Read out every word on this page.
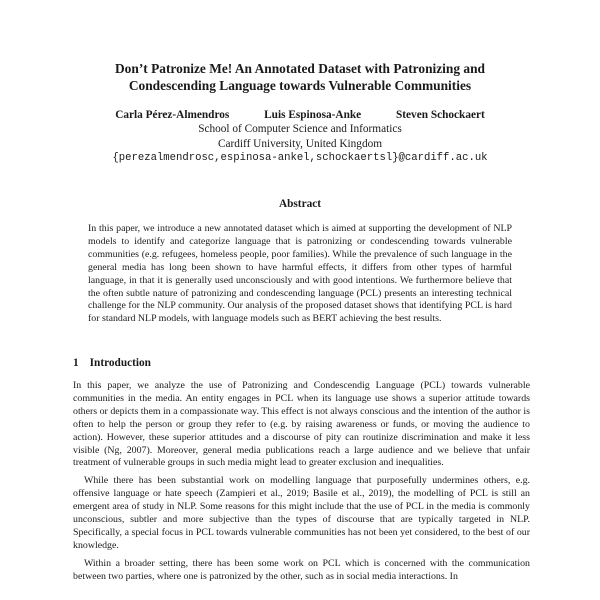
Don’t Patronize Me! An Annotated Dataset with Patronizing and
Condescending Language towards Vulnerable Communities
Carla Pérez-Almendros	Luis Espinosa-Anke	Steven Schockaert
School of Computer Science and Informatics
Cardiff University, United Kingdom
{perezalmendrosc,espinosa-ankel,schockaertsl}@cardiff.ac.uk
Abstract
In this paper, we introduce a new annotated dataset which is aimed at supporting the development of NLP models to identify and categorize language that is patronizing or condescending towards vulnerable communities (e.g. refugees, homeless people, poor families). While the prevalence of such language in the general media has long been shown to have harmful effects, it differs from other types of harmful language, in that it is generally used unconsciously and with good intentions. We furthermore believe that the often subtle nature of patronizing and condescending language (PCL) presents an interesting technical challenge for the NLP community. Our analysis of the proposed dataset shows that identifying PCL is hard for standard NLP models, with language models such as BERT achieving the best results.
1 Introduction

In this paper, we analyze the use of Patronizing and Condescendig Language (PCL) towards vulnerable communities in the media. An entity engages in PCL when its language use shows a superior attitude towards others or depicts them in a compassionate way. This effect is not always conscious and the intention of the author is often to help the person or group they refer to (e.g. by raising awareness or funds, or moving the audience to action). However, these superior attitudes and a discourse of pity can routinize discrimination and make it less visible (Ng, 2007). Moreover, general media publications reach a large audience and we believe that unfair treatment of vulnerable groups in such media might lead to greater exclusion and inequalities.

While there has been substantial work on modelling language that purposefully undermines others, e.g. offensive language or hate speech (Zampieri et al., 2019; Basile et al., 2019), the modelling of PCL is still an emergent area of study in NLP. Some reasons for this might include that the use of PCL in the media is commonly unconscious, subtler and more subjective than the types of discourse that are typically targeted in NLP. Specifically, a special focus in PCL towards vulnerable communities has not been yet considered, to the best of our knowledge.

Within a broader setting, there has been some work on PCL which is concerned with the communication between two parties, where one is patronized by the other, such as in social media interactions. In
